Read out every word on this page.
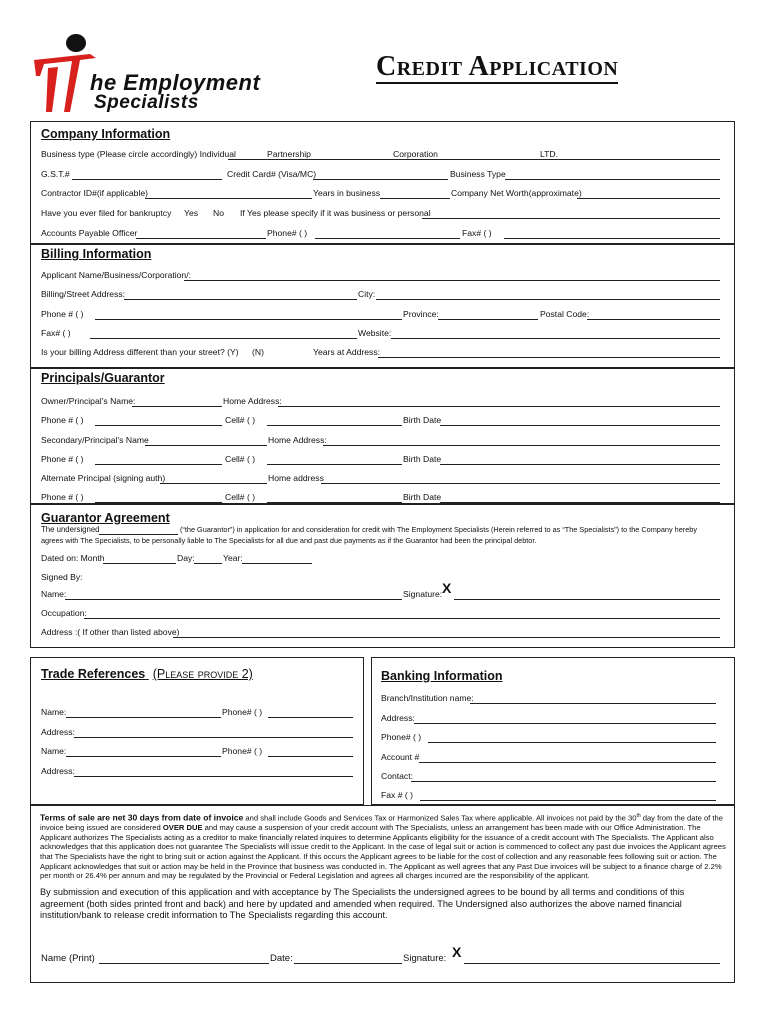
he Employment
Specialists
Credit Application
Company Information
Business type (Please circle accordingly) Individual	Partnership	Corporation	LTD.
G.S.T.#	Credit Card# (Visa/MC)	Business Type
Contractor ID#(if applicable)	Years in business	Company Net Worth(approximate)
Have you ever filed for bankruptcy Yes No If Yes please specify if it was business or personal
Accounts Payable Officer	Phone# ( )	Fax# ( )
Billing Information
Applicant Name/Business/Corporation/:
Billing/Street Address:	City:
Phone # ( )	Province:	Postal Code:
Fax# ( )	Website:
Is your billing Address different than your street? (Y) (N)	Years at Address:
Principals/Guarantor
Owner/Principal’s Name:	Home Address:
Phone # ( )	Cell# ( )	Birth Date
Secondary/Principal’s Name	Home Address:
Phone # ( )	Cell# ( )	Birth Date
Alternate Principal (signing auth)	Home address
Phone # ( )	Cell# ( )	Birth Date
Guarantor Agreement
The undersigned	(“the Guarantor”) in application for and consideration for credit with The Employment Specialists (Herein referred to as “The Specialists”) to the Company hereby
agrees with The Specialists, to be personally liable to The Specialists for all due and past due payments as if the Guarantor had been the principal debtor.
Dated on: Month	Day:	Year:
Signed By:
Name:	Signature: X
Occupation:
Address :( If other than listed above)
Trade References (Please provide 2)
Name:	Phone# ( )
Address:
Name:	Phone# ( )
Address:
Banking Information
Branch/Institution name:
Address:
Phone# ( )
Account #
Contact:
Fax # ( )
Terms of sale are net 30 days from date of invoice and shall include Goods and Services Tax or Harmonized Sales Tax where applicable. All invoices not paid by the 30th day from the date of the invoice being issued are considered OVER DUE and may cause a suspension of your credit account with The Specialists, unless an arrangement has been made with our Office Administration. The Applicant authorizes The Specialists acting as a creditor to make financially related inquires to determine Applicants eligibility for the issuance of a credit account with The Specialists. The Applicant also acknowledges that this application does not guarantee The Specialists will issue credit to the Applicant. In the case of legal suit or action is commenced to collect any past due invoices the Applicant agrees that The Specialists have the right to bring suit or action against the Applicant. If this occurs the Applicant agrees to be liable for the cost of collection and any reasonable fees following suit or action. The Applicant acknowledges that suit or action may be held in the Province that business was conducted in. The Applicant as well agrees that any Past Due invoices will be subject to a finance charge of 2.2% per month or 26.4% per annum and may be regulated by the Provincial or Federal Legislation and agrees all charges incurred are the responsibility of the applicant.
By submission and execution of this application and with acceptance by The Specialists the undersigned agrees to be bound by all terms and conditions of this agreement (both sides printed front and back) and here by updated and amended when required. The Undersigned also authorizes the above named financial institution/bank to release credit information to The Specialists regarding this account.
Name (Print)	Date:	Signature: X
